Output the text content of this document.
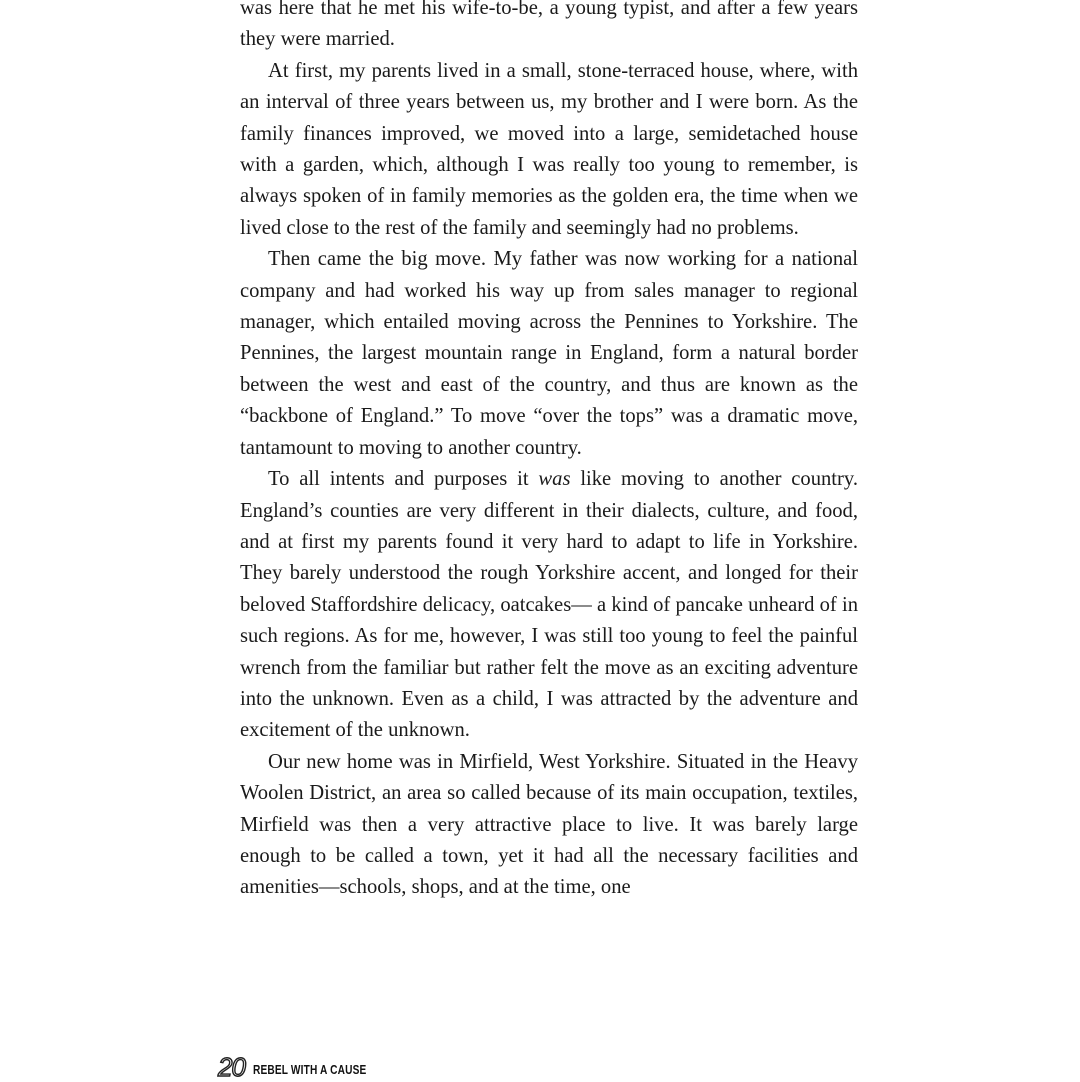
was here that he met his wife-to-be, a young typist, and after a few years they were married.

At first, my parents lived in a small, stone-terraced house, where, with an interval of three years between us, my brother and I were born. As the family finances improved, we moved into a large, semidetached house with a garden, which, although I was really too young to remember, is always spoken of in family memories as the golden era, the time when we lived close to the rest of the family and seemingly had no problems.

Then came the big move. My father was now working for a national company and had worked his way up from sales manager to regional manager, which entailed moving across the Pennines to Yorkshire. The Pennines, the largest mountain range in England, form a natural border between the west and east of the country, and thus are known as the “backbone of England.” To move “over the tops” was a dramatic move, tantamount to moving to another country.

To all intents and purposes it was like moving to another country. England’s counties are very different in their dialects, culture, and food, and at first my parents found it very hard to adapt to life in Yorkshire. They barely understood the rough Yorkshire accent, and longed for their beloved Staffordshire delicacy, oatcakes— a kind of pancake unheard of in such regions. As for me, however, I was still too young to feel the painful wrench from the familiar but rather felt the move as an exciting adventure into the unknown. Even as a child, I was attracted by the adventure and excitement of the unknown.

Our new home was in Mirfield, West Yorkshire. Situated in the Heavy Woolen District, an area so called because of its main occupation, textiles, Mirfield was then a very attractive place to live. It was barely large enough to be called a town, yet it had all the necessary facilities and amenities—schools, shops, and at the time, one

20 REBEL WITH A CAUSE
